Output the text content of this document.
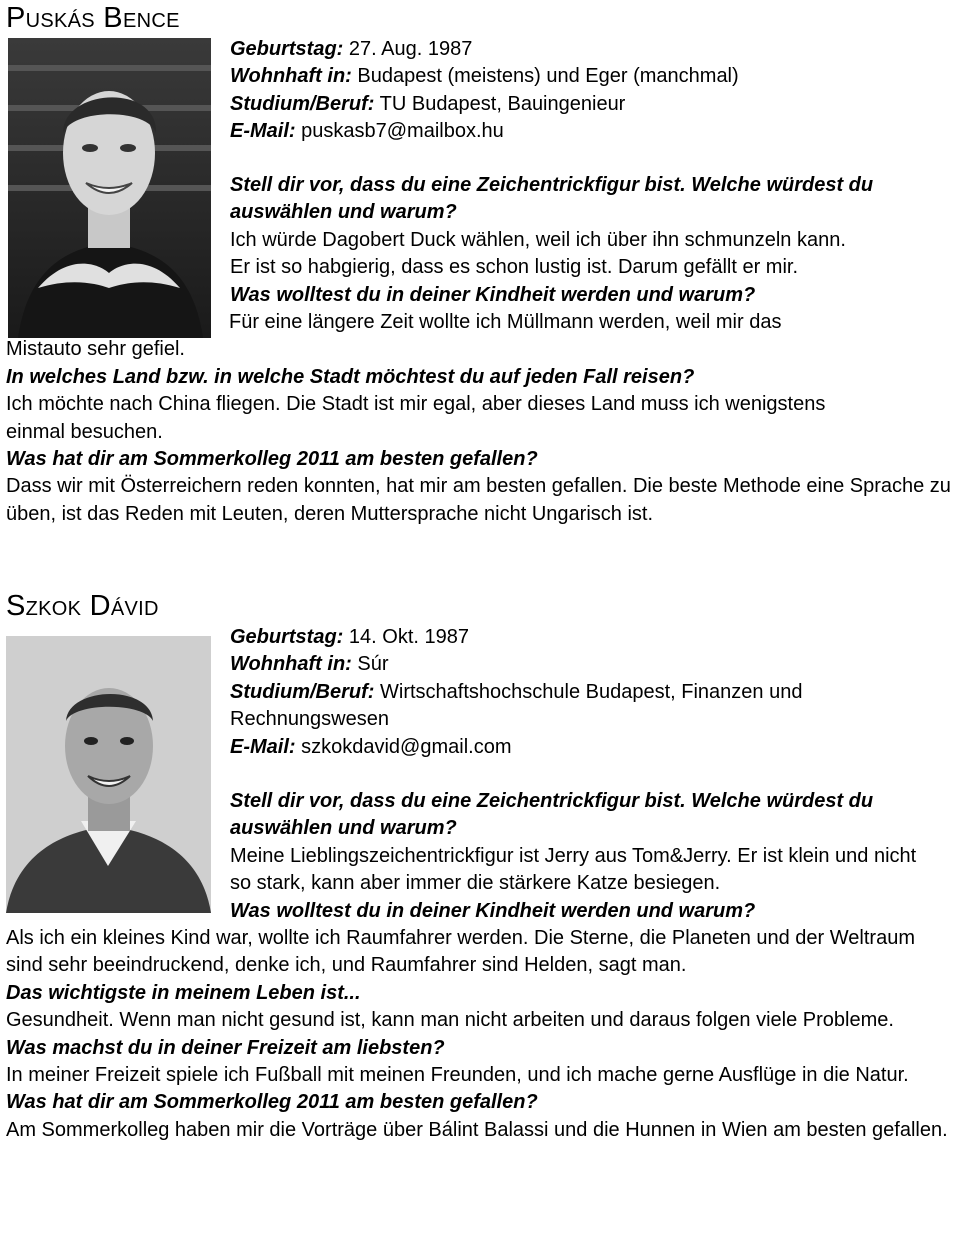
Puskás Bence
Geburtstag: 27. Aug. 1987
Wohnhaft in: Budapest (meistens) und Eger (manchmal)
Studium/Beruf: TU Budapest, Bauingenieur
E-Mail: puskasb7@mailbox.hu
Stell dir vor, dass du eine Zeichentrickfigur bist. Welche würdest du auswählen und warum?
Ich würde Dagobert Duck wählen, weil ich über ihn schmunzeln kann.
Er ist so habgierig, dass es schon lustig ist. Darum gefällt er mir.
Was wolltest du in deiner Kindheit werden und warum?
Für eine längere Zeit wollte ich Müllmann werden, weil mir das
Mistauto sehr gefiel.
In welches Land bzw. in welche Stadt möchtest du auf jeden Fall reisen?
Ich möchte nach China fliegen. Die Stadt ist mir egal, aber dieses Land muss ich wenigstens einmal besuchen.
Was hat dir am Sommerkolleg 2011 am besten gefallen?
Dass wir mit Österreichern reden konnten, hat mir am besten gefallen. Die beste Methode eine Sprache zu üben, ist das Reden mit Leuten, deren Muttersprache nicht Ungarisch ist.
Szkok Dávid
Geburtstag: 14. Okt. 1987
Wohnhaft in: Súr
Studium/Beruf: Wirtschaftshochschule Budapest, Finanzen und Rechnungswesen
E-Mail: szkokdavid@gmail.com
Stell dir vor, dass du eine Zeichentrickfigur bist. Welche würdest du auswählen und warum?
Meine Lieblingszeichentrickfigur ist Jerry aus Tom&Jerry. Er ist klein und nicht so stark, kann aber immer die stärkere Katze besiegen.
Was wolltest du in deiner Kindheit werden und warum?
Als ich ein kleines Kind war, wollte ich Raumfahrer werden. Die Sterne, die Planeten und der Weltraum sind sehr beeindruckend, denke ich, und Raumfahrer sind Helden, sagt man.
Das wichtigste in meinem Leben ist...
Gesundheit. Wenn man nicht gesund ist, kann man nicht arbeiten und daraus folgen viele Probleme.
Was machst du in deiner Freizeit am liebsten?
In meiner Freizeit spiele ich Fußball mit meinen Freunden, und ich mache gerne Ausflüge in die Natur.
Was hat dir am Sommerkolleg 2011 am besten gefallen?
Am Sommerkolleg haben mir die Vorträge über Bálint Balassi und die Hunnen in Wien am besten gefallen.
